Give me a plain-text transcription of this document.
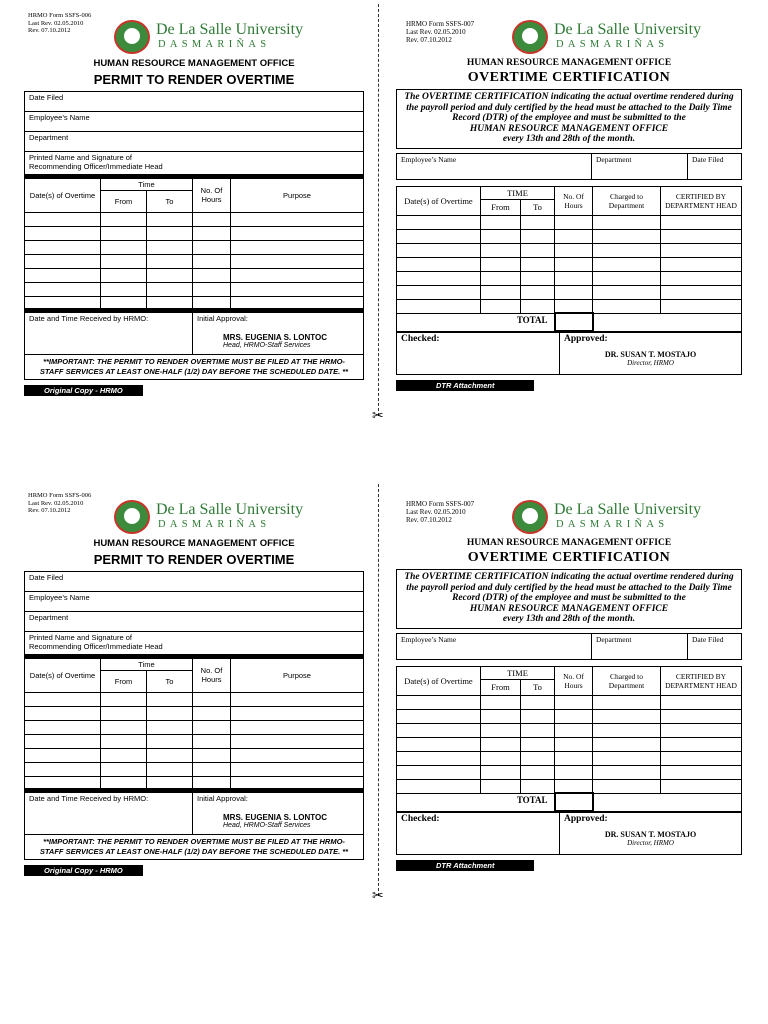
✂
HRMO Form SSFS-006
Last Rev. 02.05.2010
Rev. 07.10.2012	De La Salle University
DASMARIÑAS
HUMAN RESOURCE MANAGEMENT OFFICE
PERMIT TO RENDER OVERTIME
Date Filed
Employee’s Name
Department

Printed Name and Signature of
Recommending Officer/Immediate Head
Date(s) of Overtime	Time		No. Of Hours	Purpose
	From	To		

Date and Time Received by HRMO:	Initial Approval:
MRS. EUGENIA S. LONTOC
Head, HRMO-Staff Services

**IMPORTANT: THE PERMIT TO RENDER OVERTIME MUST BE FILED AT THE HRMO-STAFF SERVICES AT LEAST ONE-HALF (1/2) DAY BEFORE THE SCHEDULED DATE. **
Original Copy - HRMO
HRMO Form SSFS-007
Last Rev. 02.05.2010
Rev. 07.10.2012
De La Salle University
DASMARIÑAS
HUMAN RESOURCE MANAGEMENT OFFICE
OVERTIME CERTIFICATION
The OVERTIME CERTIFICATION indicating the actual overtime rendered during the payroll period and duly certified by the head must be attached to the Daily Time Record (DTR) of the employee and must be submitted to the
HUMAN RESOURCE MANAGEMENT OFFICE
every 13th and 28th of the month.
Employee’s Name	Department	Date Filed
Date(s) of Overtime	TIME		No. Of Hours	Charged to Department	CERTIFIED BY DEPARTMENT HEAD
	From	To			

TOTAL					
Checked:	Approved:
DR. SUSAN T. MOSTAJO
Director, HRMO
DTR Attachment
✂
HRMO Form SSFS-006
Last Rev. 02.05.2010
Rev. 07.10.2012	De La Salle University
DASMARIÑAS
HUMAN RESOURCE MANAGEMENT OFFICE
PERMIT TO RENDER OVERTIME
Date Filed
Employee’s Name
Department

Printed Name and Signature of
Recommending Officer/Immediate Head
Date(s) of Overtime	Time		No. Of Hours	Purpose
	From	To		

Date and Time Received by HRMO:	Initial Approval:
MRS. EUGENIA S. LONTOC
Head, HRMO-Staff Services

**IMPORTANT: THE PERMIT TO RENDER OVERTIME MUST BE FILED AT THE HRMO-STAFF SERVICES AT LEAST ONE-HALF (1/2) DAY BEFORE THE SCHEDULED DATE. **
Original Copy - HRMO
HRMO Form SSFS-007
Last Rev. 02.05.2010
Rev. 07.10.2012
De La Salle University
DASMARIÑAS
HUMAN RESOURCE MANAGEMENT OFFICE
OVERTIME CERTIFICATION
The OVERTIME CERTIFICATION indicating the actual overtime rendered during the payroll period and duly certified by the head must be attached to the Daily Time Record (DTR) of the employee and must be submitted to the
HUMAN RESOURCE MANAGEMENT OFFICE
every 13th and 28th of the month.
Employee’s Name	Department	Date Filed
Date(s) of Overtime	TIME		No. Of Hours	Charged to Department	CERTIFIED BY DEPARTMENT HEAD
	From	To			

TOTAL					
Checked:	Approved:
DR. SUSAN T. MOSTAJO
Director, HRMO
DTR Attachment
